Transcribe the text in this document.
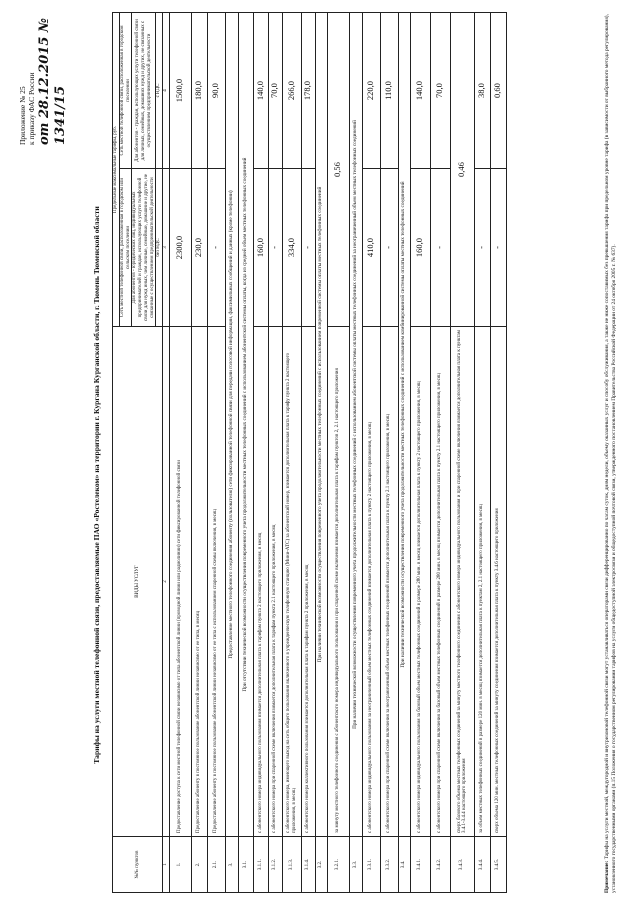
Приложение № 25 к приказу ФАС России от 28.12.2015 № 1341/15
Тарифы на услуги местной телефонной связи, предоставляемые ПАО «Ростелеком» на территории г. Кургана Курганской области, г. Тюмень Тюменской области
№№ пунктов	ВИДЫ УСЛУГ	Предельные максимальные тарифы, руб.	
		Сеть местной телефонной связи, расположенная в городском или сельском поселении	Сеть местной телефонной связи, расположенная в городском поселении
		Для абонентов - юридических лиц, индивидуальных предпринимателей и граждан, использующих услуги телефонной связи для нужд иных, чем личные, семейные, домашние и другие, не связанные с осуществлением предпринимательской деятельности	Для абонентов - граждан, использующих услуги телефонной связи для личных, семейных, домашних нужд и других, не связанных с осуществлением предпринимательской деятельности
		без НДС	с НДС
1	2	3	4
1.	Предоставление доступа к сети местной телефонной связи независимо от типа абонентской линии (проводной линии или радиолинии) сети фиксированной телефонной связи	2300,0	1500,0
2.	Предоставление абоненту в постоянное пользование абонентской линии независимо от ее типа, в месяц	230,0	180,0
2.1.	Предоставление абоненту в постоянное пользование абонентской линии независимо от ее типа с использованием спаренной схемы включения, в месяц	-	90,0
3.	Предоставление местного телефонного соединения абоненту (пользователю) сети фиксированной телефонной связи для передачи голосовой информации, факсимильных сообщений и данных (кроме телефонии)		
3.1.	При отсутствии технической возможности осуществления повременного учета продолжительности местных телефонных соединений с использованием абонентской системы оплаты, когда из средней объем местных телефонных соединений		
3.1.1.	с абонентского номера индивидуального пользования взимается дополнительная плата к тарифам пункта 2 настоящего приложения, в месяц	160,0	140,0
3.1.2.	с абонентского номера при спаренной схеме включения взимается дополнительная плата к тарифам пункта 2.1 настоящего приложения, в месяц	-	70,0
3.1.3.	с абонентского номера, имеющего выход на сеть общего пользования включенного в учрежденческую телефонную станцию (Мини-АТС) за абонентский номер, взимается дополнительная плата к тарифу пункта 2 настоящего приложения, в месяц	334,0	266,0
3.1.4.	с абонентского номера коллективного пользования взимается дополнительная плата к тарифам пункта 2 приложения, в месяц	-	178,0
3.2.	При наличии технической возможности осуществления повременного учета продолжительности местных телефонных соединений с использованием повременной системы оплаты местных телефонных соединений		
3.2.1.	за минуту местного телефонного соединения с абонентского номера индивидуального пользования и при спаренной схеме включения взимается дополнительная плата к тарифам пунктов 2, 2.1 настоящего приложения	0,56	
3.3.	При наличии технической возможности осуществления повременного учета продолжительности местных телефонных соединений с использованием абонентской системы оплаты местных телефонных соединений за неограниченный объем местных телефонных соединений		
3.3.1.	с абонентского номера индивидуального пользования за неограниченный объем местных телефонных соединений взимается дополнительная плата к пункту 2 настоящего приложения, в месяц	410,0	220,0
3.3.2.	с абонентского номера при спаренной схеме включения за неограниченный объем местных телефонных соединений взимается дополнительная плата к пункту 2.1 настоящего приложения, в месяц	-	110,0
3.4.	При наличии технической возможности осуществления повременного учета продолжительности местных телефонных соединений с использованием комбинированной системы оплаты местных телефонных соединений		
3.4.1.	с абонентского номера индивидуального пользования за базовый объем местных телефонных соединений в размере 280 мин. в месяц взимается дополнительная плата к пункту 2 настоящего приложения, в месяц	160,0	140,0
3.4.2.	с абонентского номера при спаренной схеме включения за базовый объем местных телефонных соединений в размере 280 мин. в месяц взимается дополнительная плата к пункту 2.1 настоящего приложения, в месяц	-	70,0
3.4.3.	сверх базового объема местных телефонных соединений за минуту местного телефонного соединения с абонентского номера индивидуального пользования и при спаренной схеме включения взимается дополнительная плата к пунктам 3.4.1-3.4.4 настоящего приложения	0,46	
3.4.4.	за объем местных телефонных соединений в размере 120 мин. в месяц взимается дополнительная плата к пунктам 2, 2.1 настоящего приложения, в месяц	-	38,0
3.4.5.	сверх объема 120 мин. местных телефонных соединений за минуту соединения взимается дополнительная плата к пункту 3.4.6 настоящего приложения	-	0,60
Примечание: Тарифы на услуги местной, междугородной и внутризоновой телефонной связи могут устанавливаться операторами связи дифференцированно по часам суток, дням недели, объему оказанных услуг и способу обслуживания, а также не ниже сопоставимых без превышения тарифа при предельном уровне тарифа (в зависимости от выбранного метода регулирования), установленного государственными органами (п.15 Положения о государственном регулировании тарифов на услуги общедоступной электросвязи и общедоступной почтовой связи, утвержденного постановлением Правительства Российской Федерации от 24 октября 2005 г. № 637).
